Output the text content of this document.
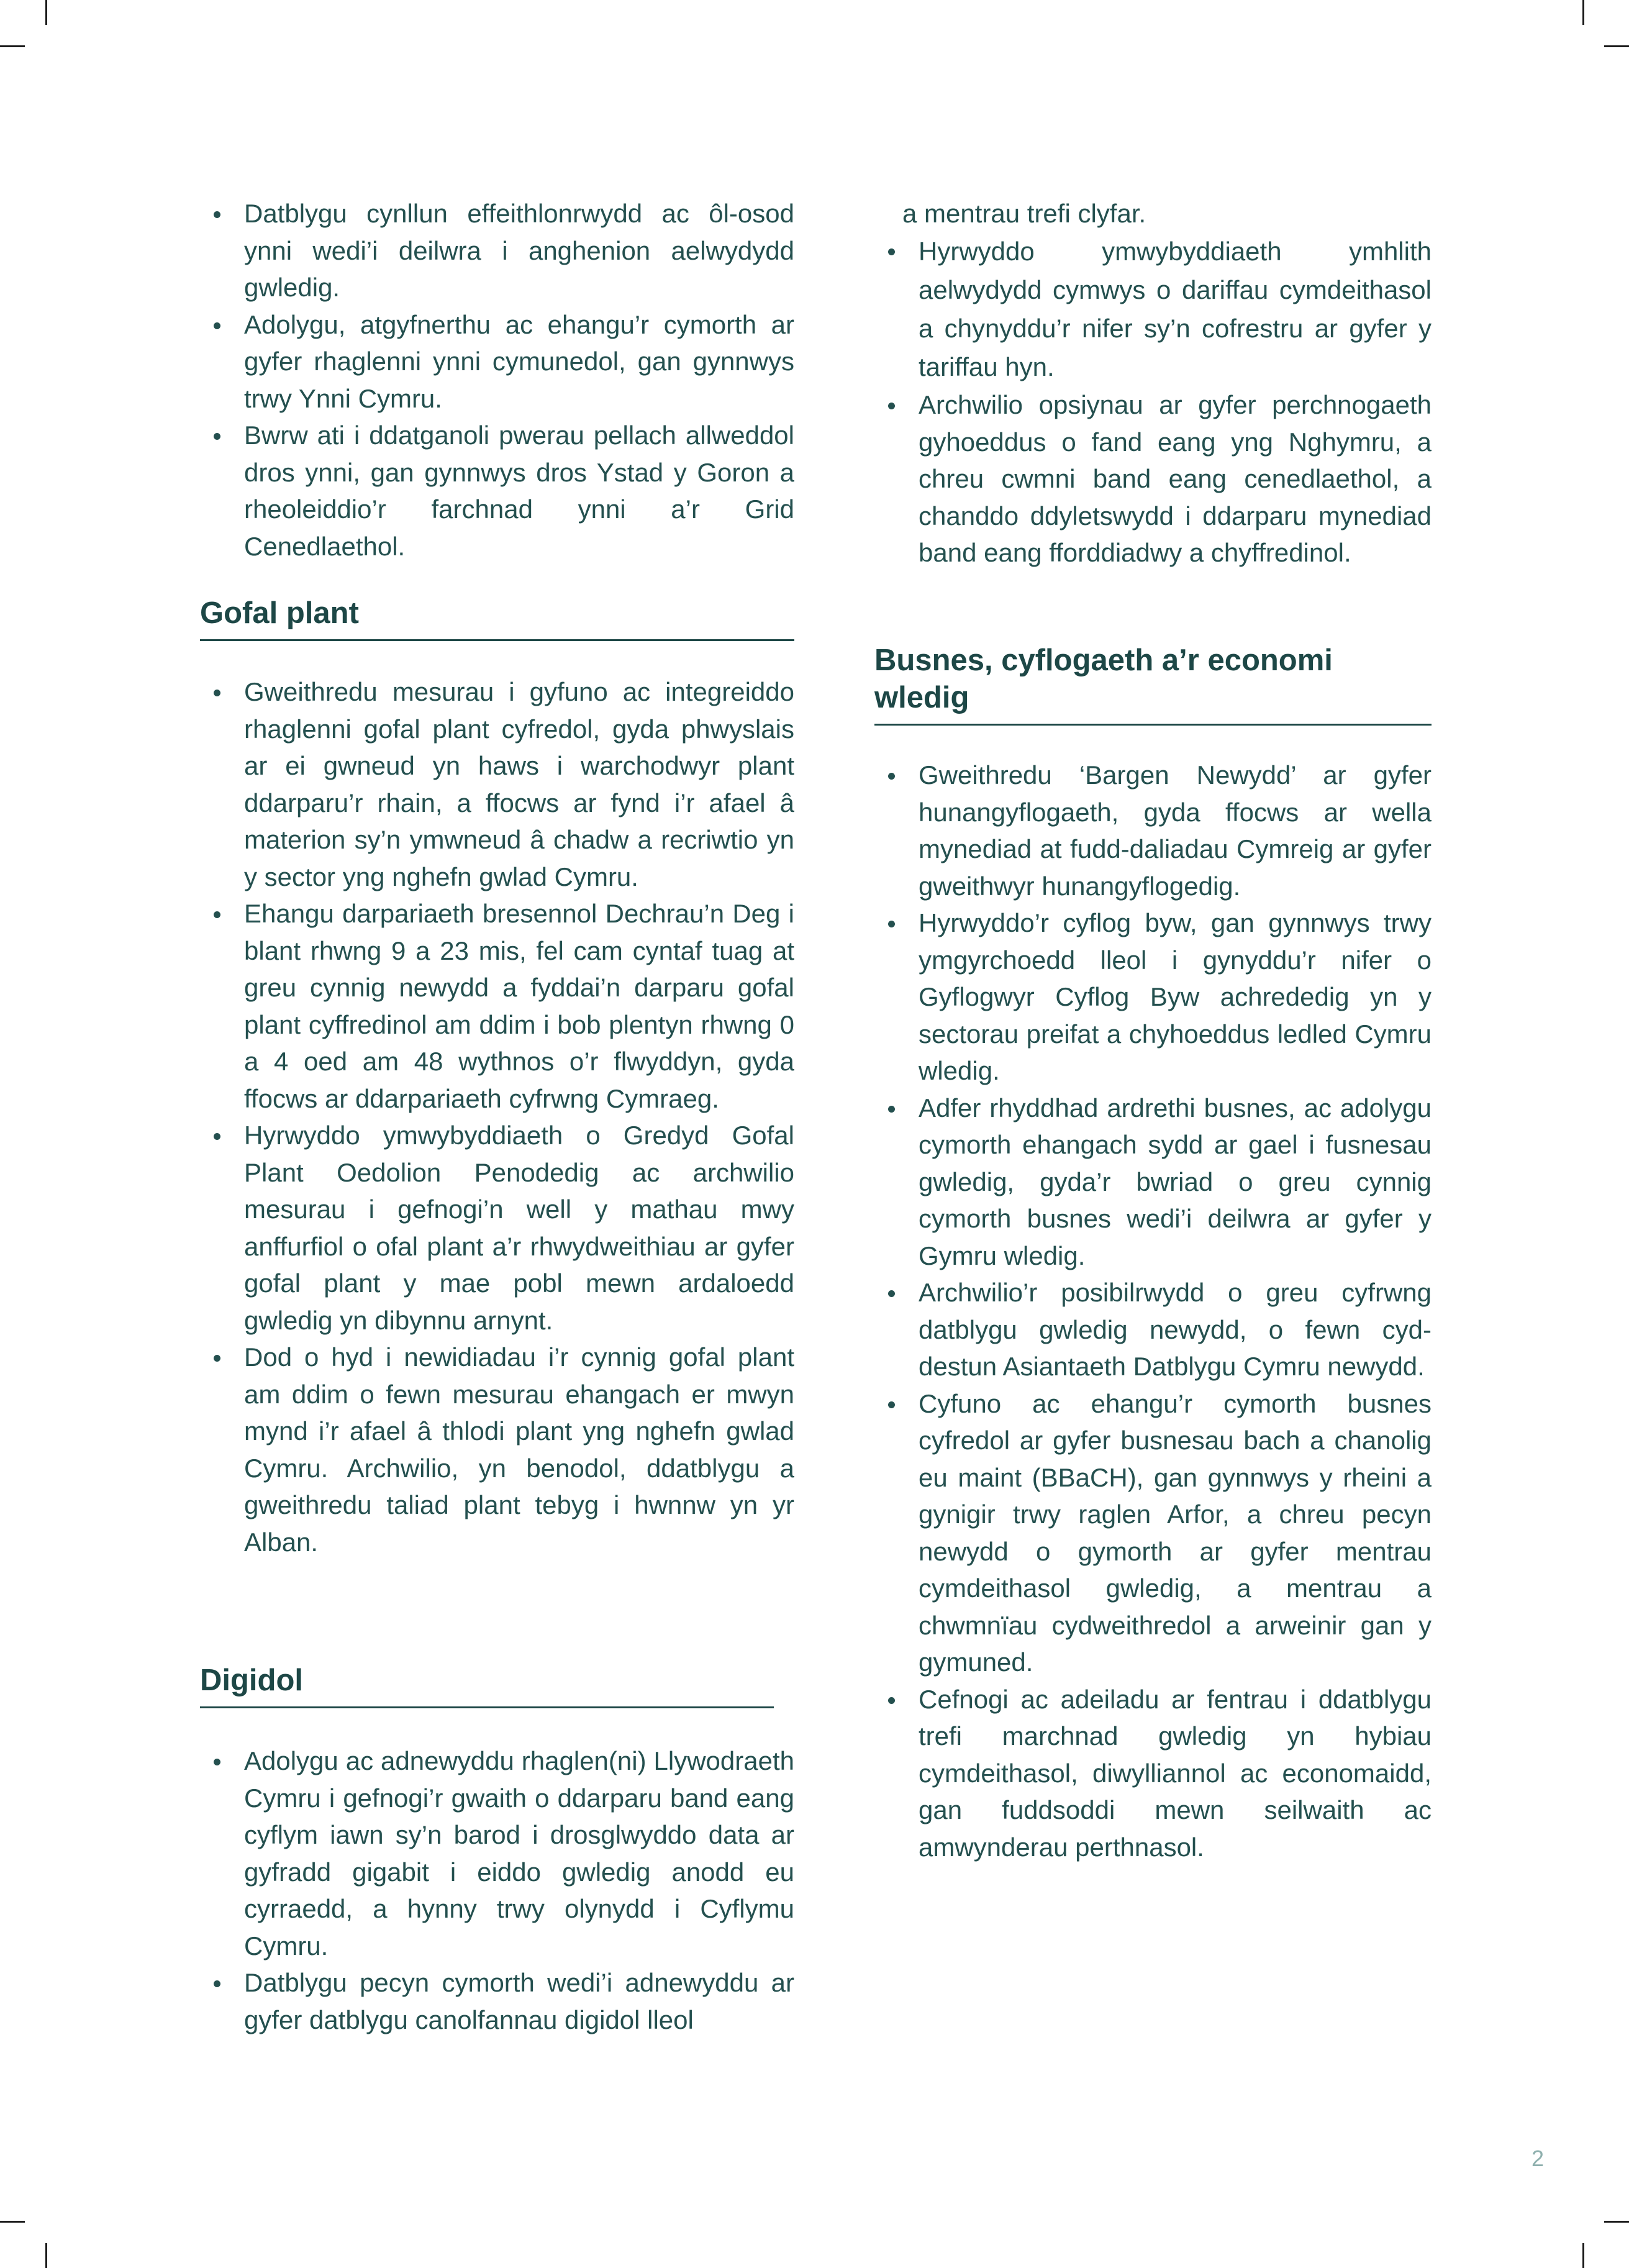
Datblygu cynllun effeithlonrwydd ac ôl-osod ynni wedi’i deilwra i anghenion aelwydydd gwledig.
Adolygu, atgyfnerthu ac ehangu’r cymorth ar gyfer rhaglenni ynni cymunedol, gan gynnwys trwy Ynni Cymru.
Bwrw ati i ddatganoli pwerau pellach allweddol dros ynni, gan gynnwys dros Ystad y Goron a rheoleiddio’r farchnad ynni a’r Grid Cenedlaethol.
Gofal plant
Gweithredu mesurau i gyfuno ac integreiddo rhaglenni gofal plant cyfredol, gyda phwyslais ar ei gwneud yn haws i warchodwyr plant ddarparu’r rhain, a ffocws ar fynd i’r afael â materion sy’n ymwneud â chadw a recriwtio yn y sector yng nghefn gwlad Cymru.
Ehangu darpariaeth bresennol Dechrau’n Deg i blant rhwng 9 a 23 mis, fel cam cyntaf tuag at greu cynnig newydd a fyddai’n darparu gofal plant cyffredinol am ddim i bob plentyn rhwng 0 a 4 oed am 48 wythnos o’r flwyddyn, gyda ffocws ar ddarpariaeth cyfrwng Cymraeg.
Hyrwyddo ymwybyddiaeth o Gredyd Gofal Plant Oedolion Penodedig ac archwilio mesurau i gefnogi’n well y mathau mwy anffurfiol o ofal plant a’r rhwydweithiau ar gyfer gofal plant y mae pobl mewn ardaloedd gwledig yn dibynnu arnynt.
Dod o hyd i newidiadau i’r cynnig gofal plant am ddim o fewn mesurau ehangach er mwyn mynd i’r afael â thlodi plant yng nghefn gwlad Cymru. Archwilio, yn benodol, ddatblygu a gweithredu taliad plant tebyg i hwnnw yn yr Alban.
Digidol
Adolygu ac adnewyddu rhaglen(ni) Llywodraeth Cymru i gefnogi’r gwaith o ddarparu band eang cyflym iawn sy’n barod i drosglwyddo data ar gyfradd gigabit i eiddo gwledig anodd eu cyrraedd, a hynny trwy olynydd i Cyflymu Cymru.
Datblygu pecyn cymorth wedi’i adnewyddu ar gyfer datblygu canolfannau digidol lleol
a mentrau trefi clyfar.
Hyrwyddo ymwybyddiaeth ymhlith aelwydydd cymwys o dariffau cymdeithasol a chynyddu’r nifer sy’n cofrestru ar gyfer y tariffau hyn.
Archwilio opsiynau ar gyfer perchnogaeth gyhoeddus o fand eang yng Nghymru, a chreu cwmni band eang cenedlaethol, a chanddo ddyletswydd i ddarparu mynediad band eang fforddiadwy a chyffredinol.
Busnes, cyflogaeth a’r economi
wledig
Gweithredu ‘Bargen Newydd’ ar gyfer hunangyflogaeth, gyda ffocws ar wella mynediad at fudd-daliadau Cymreig ar gyfer gweithwyr hunangyflogedig.
Hyrwyddo’r cyflog byw, gan gynnwys trwy ymgyrchoedd lleol i gynyddu’r nifer o Gyflogwyr Cyflog Byw achrededig yn y sectorau preifat a chyhoeddus ledled Cymru wledig.
Adfer rhyddhad ardrethi busnes, ac adolygu cymorth ehangach sydd ar gael i fusnesau gwledig, gyda’r bwriad o greu cynnig cymorth busnes wedi’i deilwra ar gyfer y Gymru wledig.
Archwilio’r posibilrwydd o greu cyfrwng datblygu gwledig newydd, o fewn cyd-destun Asiantaeth Datblygu Cymru newydd.
Cyfuno ac ehangu’r cymorth busnes cyfredol ar gyfer busnesau bach a chanolig eu maint (BBaCH), gan gynnwys y rheini a gynigir trwy raglen Arfor, a chreu pecyn newydd o gymorth ar gyfer mentrau cymdeithasol gwledig, a mentrau a chwmnïau cydweithredol a arweinir gan y gymuned.
Cefnogi ac adeiladu ar fentrau i ddatblygu trefi marchnad gwledig yn hybiau cymdeithasol, diwylliannol ac economaidd, gan fuddsoddi mewn seilwaith ac amwynderau perthnasol.
2
